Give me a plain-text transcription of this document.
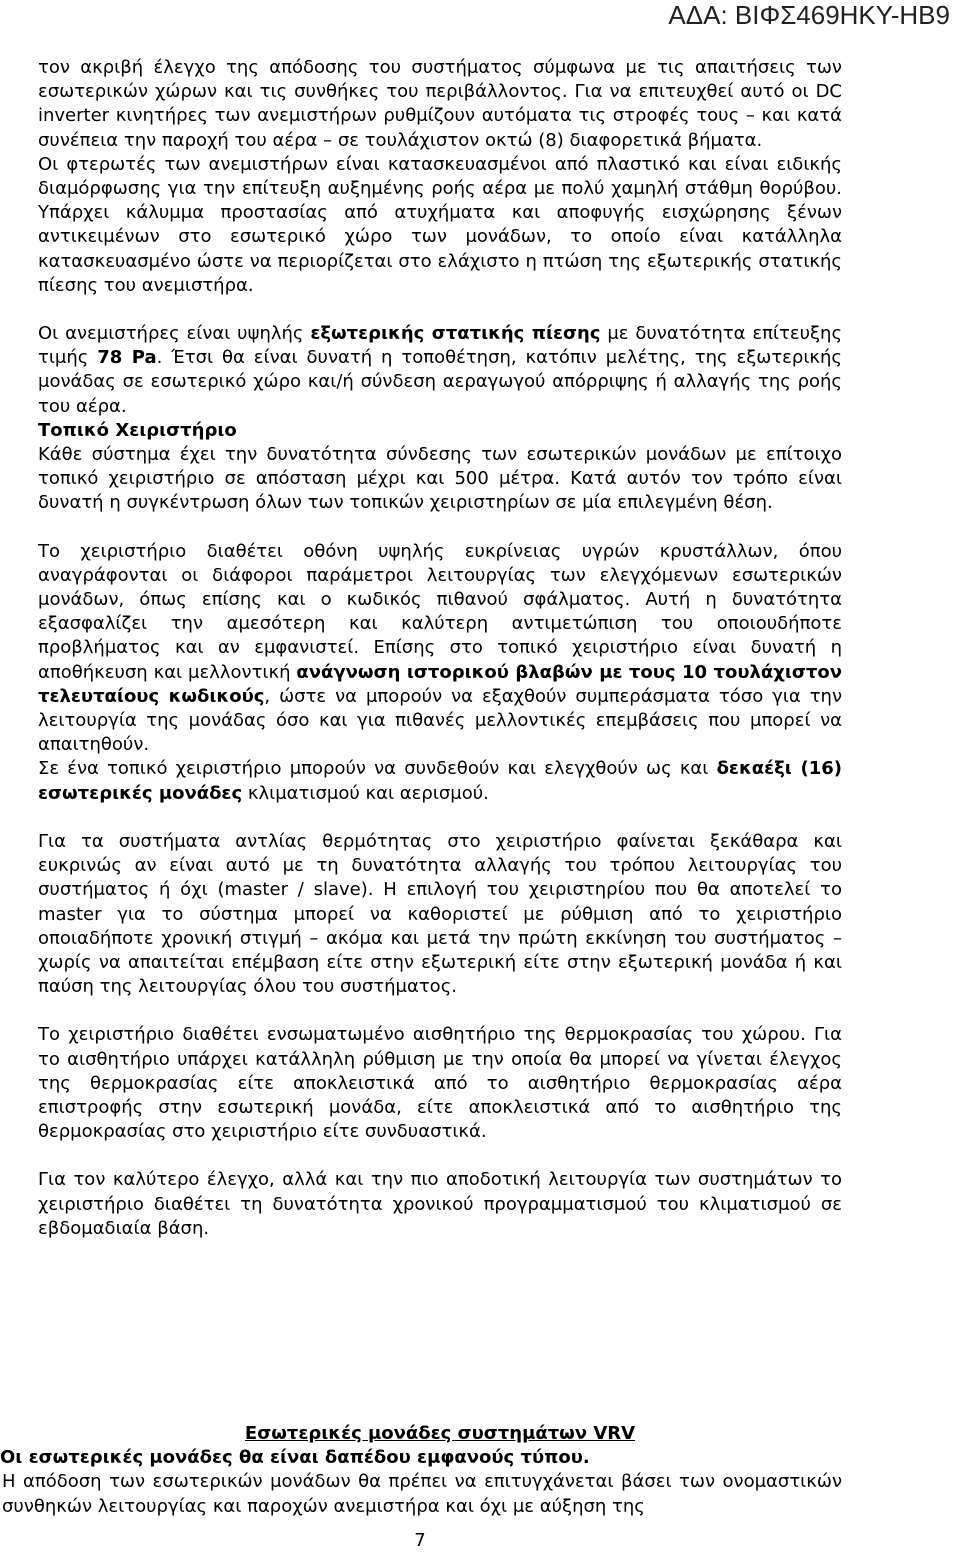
ΑΔΑ: ΒΙΦΣ469ΗΚΥ-ΗΒ9

τον ακριβή έλεγχο της απόδοσης του συστήματος σύμφωνα με τις απαιτήσεις των εσωτερικών χώρων και τις συνθήκες του περιβάλλοντος. Για να επιτευχθεί αυτό οι DC inverter κινητήρες των ανεμιστήρων ρυθμίζουν αυτόματα τις στροφές τους – και κατά συνέπεια την παροχή του αέρα – σε τουλάχιστον οκτώ (8) διαφορετικά βήματα.

Οι φτερωτές των ανεμιστήρων είναι κατασκευασμένοι από πλαστικό και είναι ειδικής διαμόρφωσης για την επίτευξη αυξημένης ροής αέρα με πολύ χαμηλή στάθμη θορύβου. Υπάρχει κάλυμμα προστασίας από ατυχήματα και αποφυγής εισχώρησης ξένων αντικειμένων στο εσωτερικό χώρο των μονάδων, το οποίο είναι κατάλληλα κατασκευασμένο ώστε να περιορίζεται στο ελάχιστο η πτώση της εξωτερικής στατικής πίεσης του ανεμιστήρα.

Οι ανεμιστήρες είναι υψηλής εξωτερικής στατικής πίεσης με δυνατότητα επίτευξης τιμής 78 Pa. Έτσι θα είναι δυνατή η τοποθέτηση, κατόπιν μελέτης, της εξωτερικής μονάδας σε εσωτερικό χώρο και/ή σύνδεση αεραγωγού απόρριψης ή αλλαγής της ροής του αέρα.

Τοπικό Χειριστήριο

Κάθε σύστημα έχει την δυνατότητα σύνδεσης των εσωτερικών μονάδων με επίτοιχο τοπικό χειριστήριο σε απόσταση μέχρι και 500 μέτρα. Κατά αυτόν τον τρόπο είναι δυνατή η συγκέντρωση όλων των τοπικών χειριστηρίων σε μία επιλεγμένη θέση.

Το χειριστήριο διαθέτει οθόνη υψηλής ευκρίνειας υγρών κρυστάλλων, όπου αναγράφονται οι διάφοροι παράμετροι λειτουργίας των ελεγχόμενων εσωτερικών μονάδων, όπως επίσης και ο κωδικός πιθανού σφάλματος. Αυτή η δυνατότητα εξασφαλίζει την αμεσότερη και καλύτερη αντιμετώπιση του οποιουδήποτε προβλήματος και αν εμφανιστεί. Επίσης στο τοπικό χειριστήριο είναι δυνατή η αποθήκευση και μελλοντική ανάγνωση ιστορικού βλαβών με τους 10 τουλάχιστον τελευταίους κωδικούς, ώστε να μπορούν να εξαχθούν συμπεράσματα τόσο για την λειτουργία της μονάδας όσο και για πιθανές μελλοντικές επεμβάσεις που μπορεί να απαιτηθούν.

Σε ένα τοπικό χειριστήριο μπορούν να συνδεθούν και ελεγχθούν ως και δεκαέξι (16) εσωτερικές μονάδες κλιματισμού και αερισμού.

Για τα συστήματα αντλίας θερμότητας στο χειριστήριο φαίνεται ξεκάθαρα και ευκρινώς αν είναι αυτό με τη δυνατότητα αλλαγής του τρόπου λειτουργίας του συστήματος ή όχι (master / slave). Η επιλογή του χειριστηρίου που θα αποτελεί το master για το σύστημα μπορεί να καθοριστεί με ρύθμιση από το χειριστήριο οποιαδήποτε χρονική στιγμή – ακόμα και μετά την πρώτη εκκίνηση του συστήματος – χωρίς να απαιτείται επέμβαση είτε στην εξωτερική είτε στην εξωτερική μονάδα ή και παύση της λειτουργίας όλου του συστήματος.

Το χειριστήριο διαθέτει ενσωματωμένο αισθητήριο της θερμοκρασίας του χώρου. Για το αισθητήριο υπάρχει κατάλληλη ρύθμιση με την οποία θα μπορεί να γίνεται έλεγχος της θερμοκρασίας είτε αποκλειστικά από το αισθητήριο θερμοκρασίας αέρα επιστροφής στην εσωτερική μονάδα, είτε αποκλειστικά από το αισθητήριο της θερμοκρασίας στο χειριστήριο είτε συνδυαστικά.

Για τον καλύτερο έλεγχο, αλλά και την πιο αποδοτική λειτουργία των συστημάτων το χειριστήριο διαθέτει τη δυνατότητα χρονικού προγραμματισμού του κλιματισμού σε εβδομαδιαία βάση.

Εσωτερικές μονάδες συστημάτων VRV

Οι εσωτερικές μονάδες θα είναι δαπέδου εμφανούς τύπου.

Η απόδοση των εσωτερικών μονάδων θα πρέπει να επιτυγχάνεται βάσει των ονομαστικών συνθηκών λειτουργίας και παροχών ανεμιστήρα και όχι με αύξηση της

7
